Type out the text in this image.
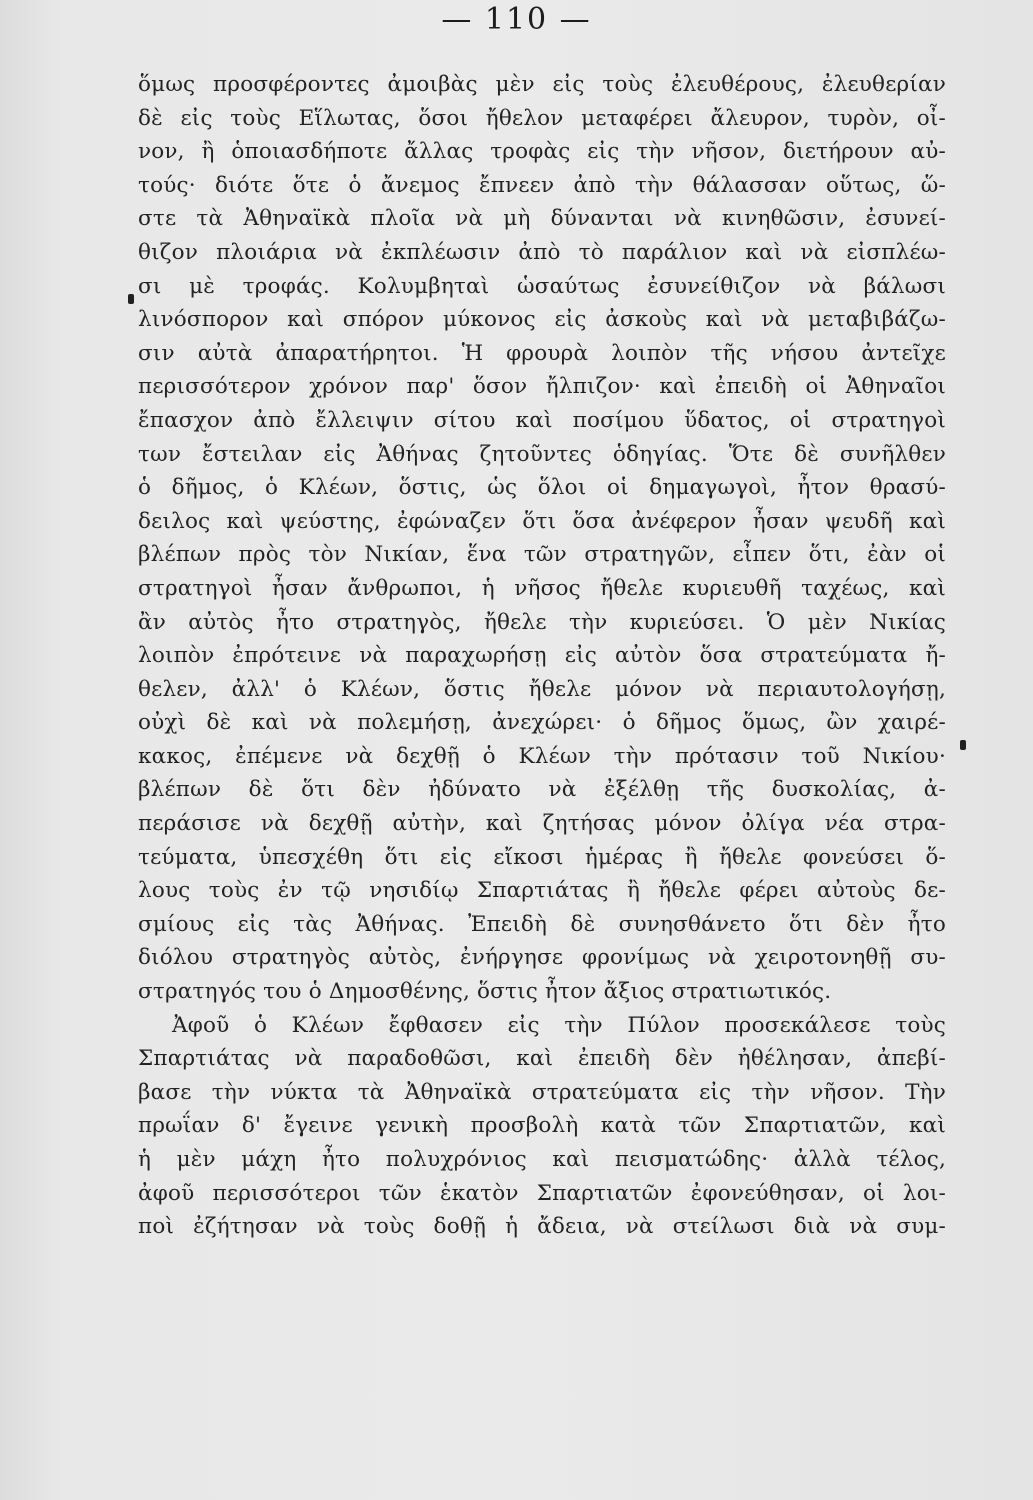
— 110 —
ὅμως προσφέροντες ἀμοιβὰς μὲν εἰς τοὺς ἐλευθέρους, ἐλευθερίαν
δὲ εἰς τοὺς Εἵλωτας, ὅσοι ἤθελον μεταφέρει ἄλευρον, τυρὸν, οἶ-
νον, ἢ ὁποιασδήποτε ἄλλας τροφὰς εἰς τὴν νῆσον, διετήρουν αὐ-
τούς· διότε ὅτε ὁ ἄνεμος ἔπνεεν ἀπὸ τὴν θάλασσαν οὕτως, ὥ-
στε τὰ Ἀθηναϊκὰ πλοῖα νὰ μὴ δύνανται νὰ κινηθῶσιν, ἐσυνεί-
θιζον πλοιάρια νὰ ἐκπλέωσιν ἀπὸ τὸ παράλιον καὶ νὰ εἰσπλέω-
σι μὲ τροφάς. Κολυμβηταὶ ὡσαύτως ἐσυνείθιζον νὰ βάλωσι
λινόσπορον καὶ σπόρον μύκονος εἰς ἀσκοὺς καὶ νὰ μεταβιβάζω-
σιν αὐτὰ ἀπαρατήρητοι. Ἡ φρουρὰ λοιπὸν τῆς νήσου ἀντεῖχε
περισσότερον χρόνον παρ' ὅσον ἤλπιζον· καὶ ἐπειδὴ οἱ Ἀθηναῖοι
ἔπασχον ἀπὸ ἔλλειψιν σίτου καὶ ποσίμου ὕδατος, οἱ στρατηγοὶ
των ἔστειλαν εἰς Ἀθήνας ζητοῦντες ὁδηγίας. Ὅτε δὲ συνῆλθεν
ὁ δῆμος, ὁ Κλέων, ὅστις, ὡς ὅλοι οἱ δημαγωγοὶ, ἦτον θρασύ-
δειλος καὶ ψεύστης, ἐφώναζεν ὅτι ὅσα ἀνέφερον ἦσαν ψευδῆ καὶ
βλέπων πρὸς τὸν Νικίαν, ἕνα τῶν στρατηγῶν, εἶπεν ὅτι, ἐὰν οἱ
στρατηγοὶ ἦσαν ἄνθρωποι, ἡ νῆσος ἤθελε κυριευθῆ ταχέως, καὶ
ἂν αὐτὸς ἦτο στρατηγὸς, ἤθελε τὴν κυριεύσει. Ὁ μὲν Νικίας
λοιπὸν ἐπρότεινε νὰ παραχωρήσῃ εἰς αὐτὸν ὅσα στρατεύματα ἤ-
θελεν, ἀλλ' ὁ Κλέων, ὅστις ἤθελε μόνον νὰ περιαυτολογήσῃ,
οὐχὶ δὲ καὶ νὰ πολεμήσῃ, ἀνεχώρει· ὁ δῆμος ὅμως, ὢν χαιρέ-
κακος, ἐπέμενε νὰ δεχθῇ ὁ Κλέων τὴν πρότασιν τοῦ Νικίου·
βλέπων δὲ ὅτι δὲν ἠδύνατο νὰ ἐξέλθῃ τῆς δυσκολίας, ἀ-
περάσισε νὰ δεχθῇ αὐτὴν, καὶ ζητήσας μόνον ὀλίγα νέα στρα-
τεύματα, ὑπεσχέθη ὅτι εἰς εἴκοσι ἡμέρας ἢ ἤθελε φονεύσει ὅ-
λους τοὺς ἐν τῷ νησιδίῳ Σπαρτιάτας ἢ ἤθελε φέρει αὐτοὺς δε-
σμίους εἰς τὰς Ἀθήνας. Ἐπειδὴ δὲ συνησθάνετο ὅτι δὲν ἦτο
διόλου στρατηγὸς αὐτὸς, ἐνήργησε φρονίμως νὰ χειροτονηθῇ συ-
στρατηγός του ὁ Δημοσθένης, ὅστις ἦτον ἄξιος στρατιωτικός.
Ἀφοῦ ὁ Κλέων ἔφθασεν εἰς τὴν Πύλον προσεκάλεσε τοὺς
Σπαρτιάτας νὰ παραδοθῶσι, καὶ ἐπειδὴ δὲν ἠθέλησαν, ἀπεβί-
βασε τὴν νύκτα τὰ Ἀθηναϊκὰ στρατεύματα εἰς τὴν νῆσον. Τὴν
πρωΐαν δ' ἔγεινε γενικὴ προσβολὴ κατὰ τῶν Σπαρτιατῶν, καὶ
ἡ μὲν μάχη ἦτο πολυχρόνιος καὶ πεισματώδης· ἀλλὰ τέλος,
ἀφοῦ περισσότεροι τῶν ἑκατὸν Σπαρτιατῶν ἐφονεύθησαν, οἱ λοι-
ποὶ ἐζήτησαν νὰ τοὺς δοθῇ ἡ ἄδεια, νὰ στείλωσι διὰ νὰ συμ-
